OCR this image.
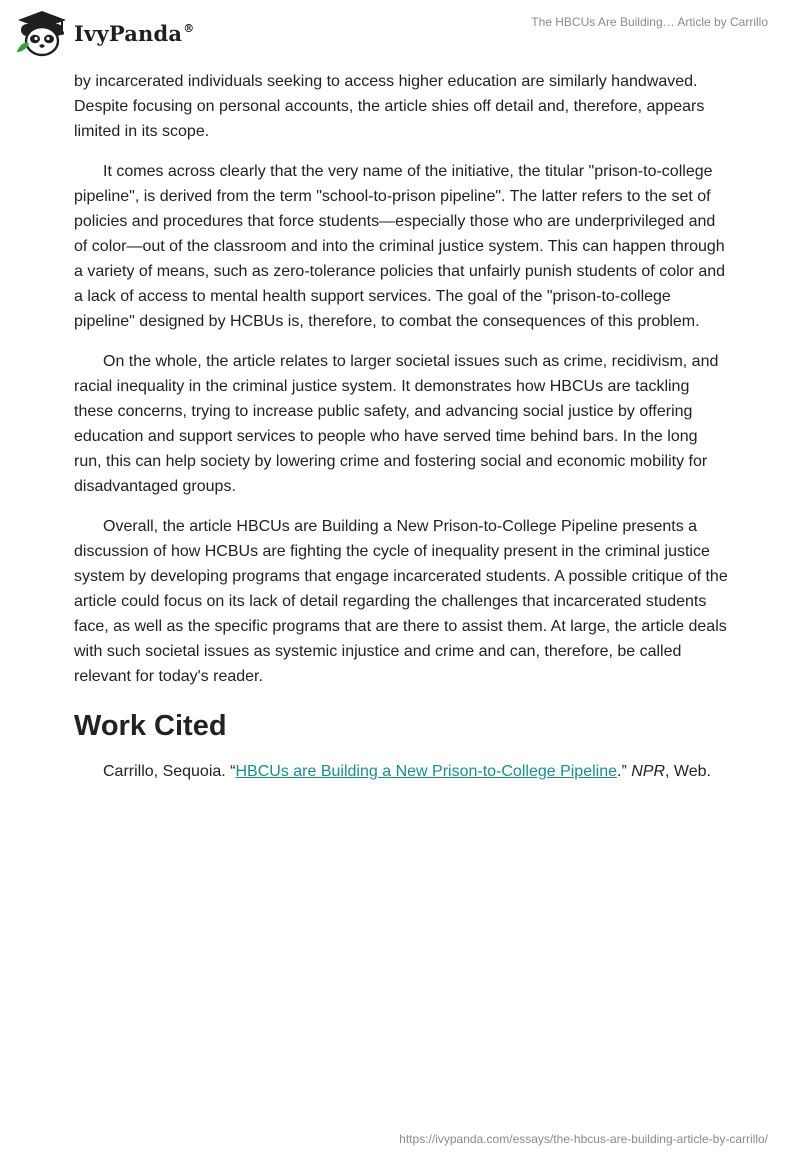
IvyPanda®	The HBCUs Are Building… Article by Carrillo

by incarcerated individuals seeking to access higher education are similarly handwaved. Despite focusing on personal accounts, the article shies off detail and, therefore, appears limited in its scope.

It comes across clearly that the very name of the initiative, the titular "prison-to-college pipeline", is derived from the term "school-to-prison pipeline". The latter refers to the set of policies and procedures that force students—especially those who are underprivileged and of color—out of the classroom and into the criminal justice system. This can happen through a variety of means, such as zero-tolerance policies that unfairly punish students of color and a lack of access to mental health support services. The goal of the "prison-to-college pipeline" designed by HCBUs is, therefore, to combat the consequences of this problem.

On the whole, the article relates to larger societal issues such as crime, recidivism, and racial inequality in the criminal justice system. It demonstrates how HBCUs are tackling these concerns, trying to increase public safety, and advancing social justice by offering education and support services to people who have served time behind bars. In the long run, this can help society by lowering crime and fostering social and economic mobility for disadvantaged groups.

Overall, the article HBCUs are Building a New Prison-to-College Pipeline presents a discussion of how HCBUs are fighting the cycle of inequality present in the criminal justice system by developing programs that engage incarcerated students. A possible critique of the article could focus on its lack of detail regarding the challenges that incarcerated students face, as well as the specific programs that are there to assist them. At large, the article deals with such societal issues as systemic injustice and crime and can, therefore, be called relevant for today's reader.

Work Cited

Carrillo, Sequoia. “HBCUs are Building a New Prison-to-College Pipeline.” NPR, Web.

https://ivypanda.com/essays/the-hbcus-are-building-article-by-carrillo/
